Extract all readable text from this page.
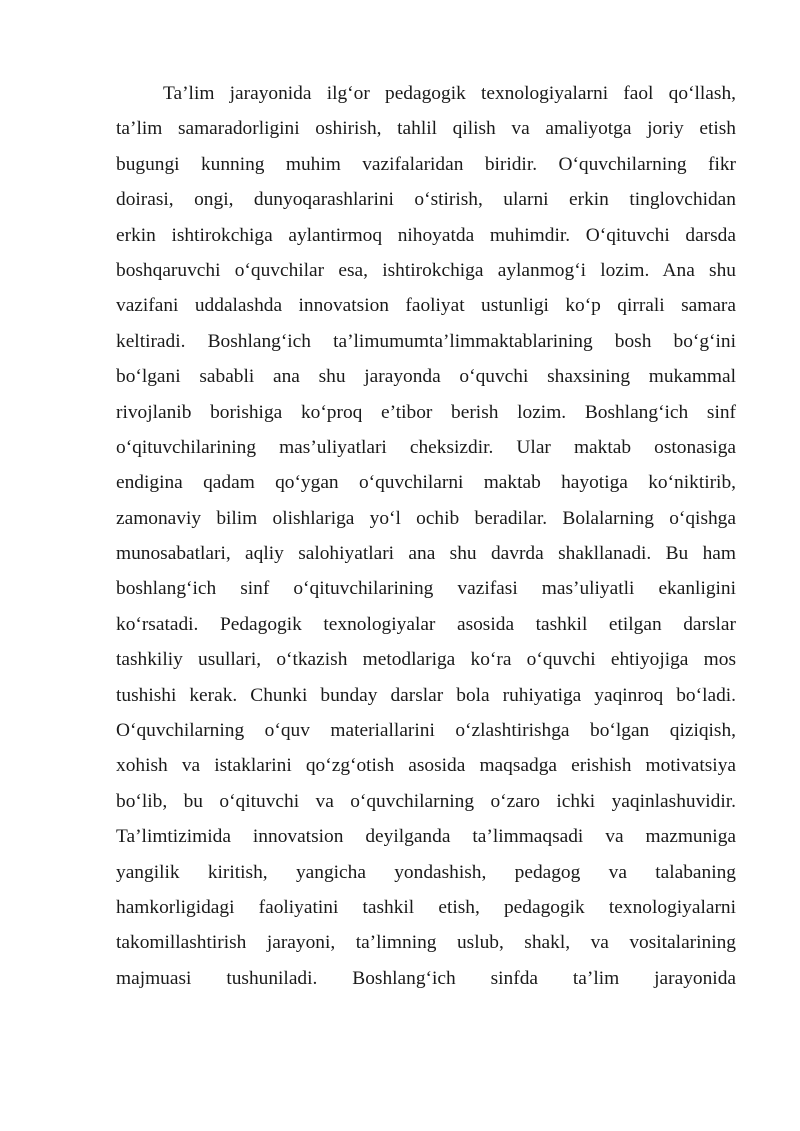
Ta’lim jarayonida ilg‘or pedagogik texnologiyalarni faol qo‘llash,
ta’lim samaradorligini oshirish, tahlil qilish va amaliyotga joriy etish
bugungi kunning muhim vazifalaridan biridir. O‘quvchilarning fikr
doirasi, ongi, dunyoqarashlarini o‘stirish, ularni erkin tinglovchidan
erkin ishtirokchiga aylantirmoq nihoyatda muhimdir. O‘qituvchi darsda
boshqaruvchi o‘quvchilar esa, ishtirokchiga aylanmog‘i lozim. Ana shu
vazifani uddalashda innovatsion faoliyat ustunligi ko‘p qirrali samara
keltiradi. Boshlang‘ich ta’limumumta’limmaktablarining bosh bo‘g‘ini
bo‘lgani sababli ana shu jarayonda o‘quvchi shaxsining mukammal
rivojlanib borishiga ko‘proq e’tibor berish lozim. Boshlang‘ich sinf
o‘qituvchilarining mas’uliyatlari cheksizdir. Ular maktab ostonasiga
endigina qadam qo‘ygan o‘quvchilarni maktab hayotiga ko‘niktirib,
zamonaviy bilim olishlariga yo‘l ochib beradilar. Bolalarning o‘qishga
munosabatlari, aqliy salohiyatlari ana shu davrda shakllanadi. Bu ham
boshlang‘ich sinf o‘qituvchilarining vazifasi mas’uliyatli ekanligini
ko‘rsatadi. Pedagogik texnologiyalar asosida tashkil etilgan darslar
tashkiliy usullari, o‘tkazish metodlariga ko‘ra o‘quvchi ehtiyojiga mos
tushishi kerak. Chunki bunday darslar bola ruhiyatiga yaqinroq bo‘ladi.
O‘quvchilarning o‘quv materiallarini o‘zlashtirishga bo‘lgan qiziqish,
xohish va istaklarini qo‘zg‘otish asosida maqsadga erishish motivatsiya
bo‘lib, bu o‘qituvchi va o‘quvchilarning o‘zaro ichki yaqinlashuvidir.
Ta’limtizimida innovatsion deyilganda ta’limmaqsadi va mazmuniga
yangilik kiritish, yangicha yondashish, pedagog va talabaning
hamkorligidagi faoliyatini tashkil etish, pedagogik texnologiyalarni
takomillashtirish jarayoni, ta’limning uslub, shakl, va vositalarining
majmuasi tushuniladi. Boshlang‘ich sinfda ta’lim jarayonida
